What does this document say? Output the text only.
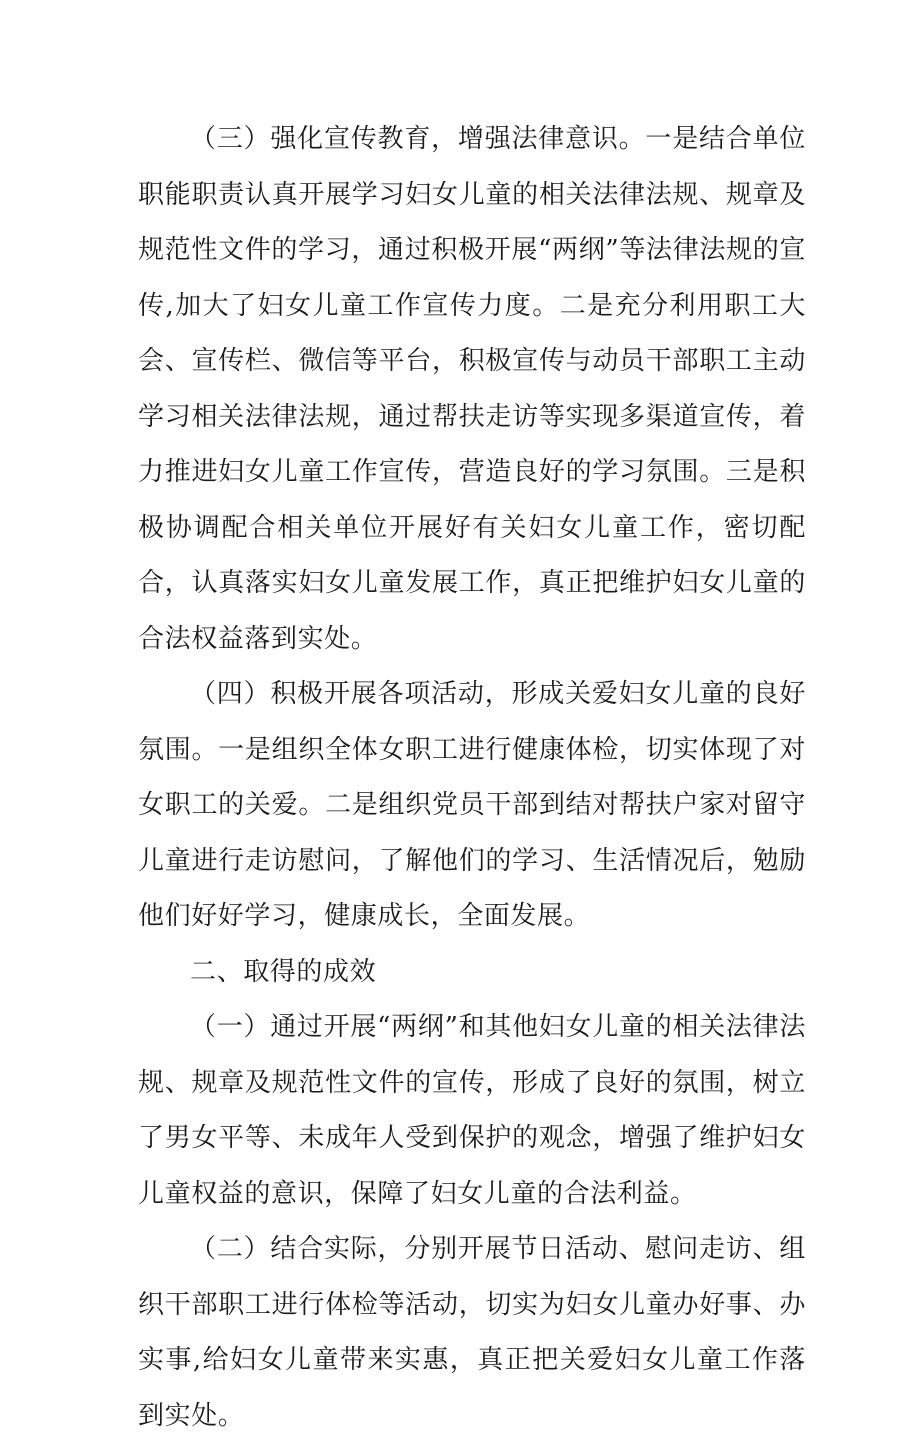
（三）强化宣传教育，增强法律意识。一是结合单位职能职责认真开展学习妇女儿童的相关法律法规、规章及规范性文件的学习，通过积极开展“两纲”等法律法规的宣传,加大了妇女儿童工作宣传力度。二是充分利用职工大会、宣传栏、微信等平台，积极宣传与动员干部职工主动学习相关法律法规，通过帮扶走访等实现多渠道宣传，着力推进妇女儿童工作宣传，营造良好的学习氛围。三是积极协调配合相关单位开展好有关妇女儿童工作，密切配合，认真落实妇女儿童发展工作，真正把维护妇女儿童的合法权益落到实处。

（四）积极开展各项活动，形成关爱妇女儿童的良好氛围。一是组织全体女职工进行健康体检，切实体现了对女职工的关爱。二是组织党员干部到结对帮扶户家对留守儿童进行走访慰问，了解他们的学习、生活情况后，勉励他们好好学习，健康成长，全面发展。

二、取得的成效

（一）通过开展“两纲”和其他妇女儿童的相关法律法规、规章及规范性文件的宣传，形成了良好的氛围，树立了男女平等、未成年人受到保护的观念，增强了维护妇女儿童权益的意识，保障了妇女儿童的合法利益。

（二）结合实际，分别开展节日活动、慰问走访、组织干部职工进行体检等活动，切实为妇女儿童办好事、办实事,给妇女儿童带来实惠，真正把关爱妇女儿童工作落到实处。
